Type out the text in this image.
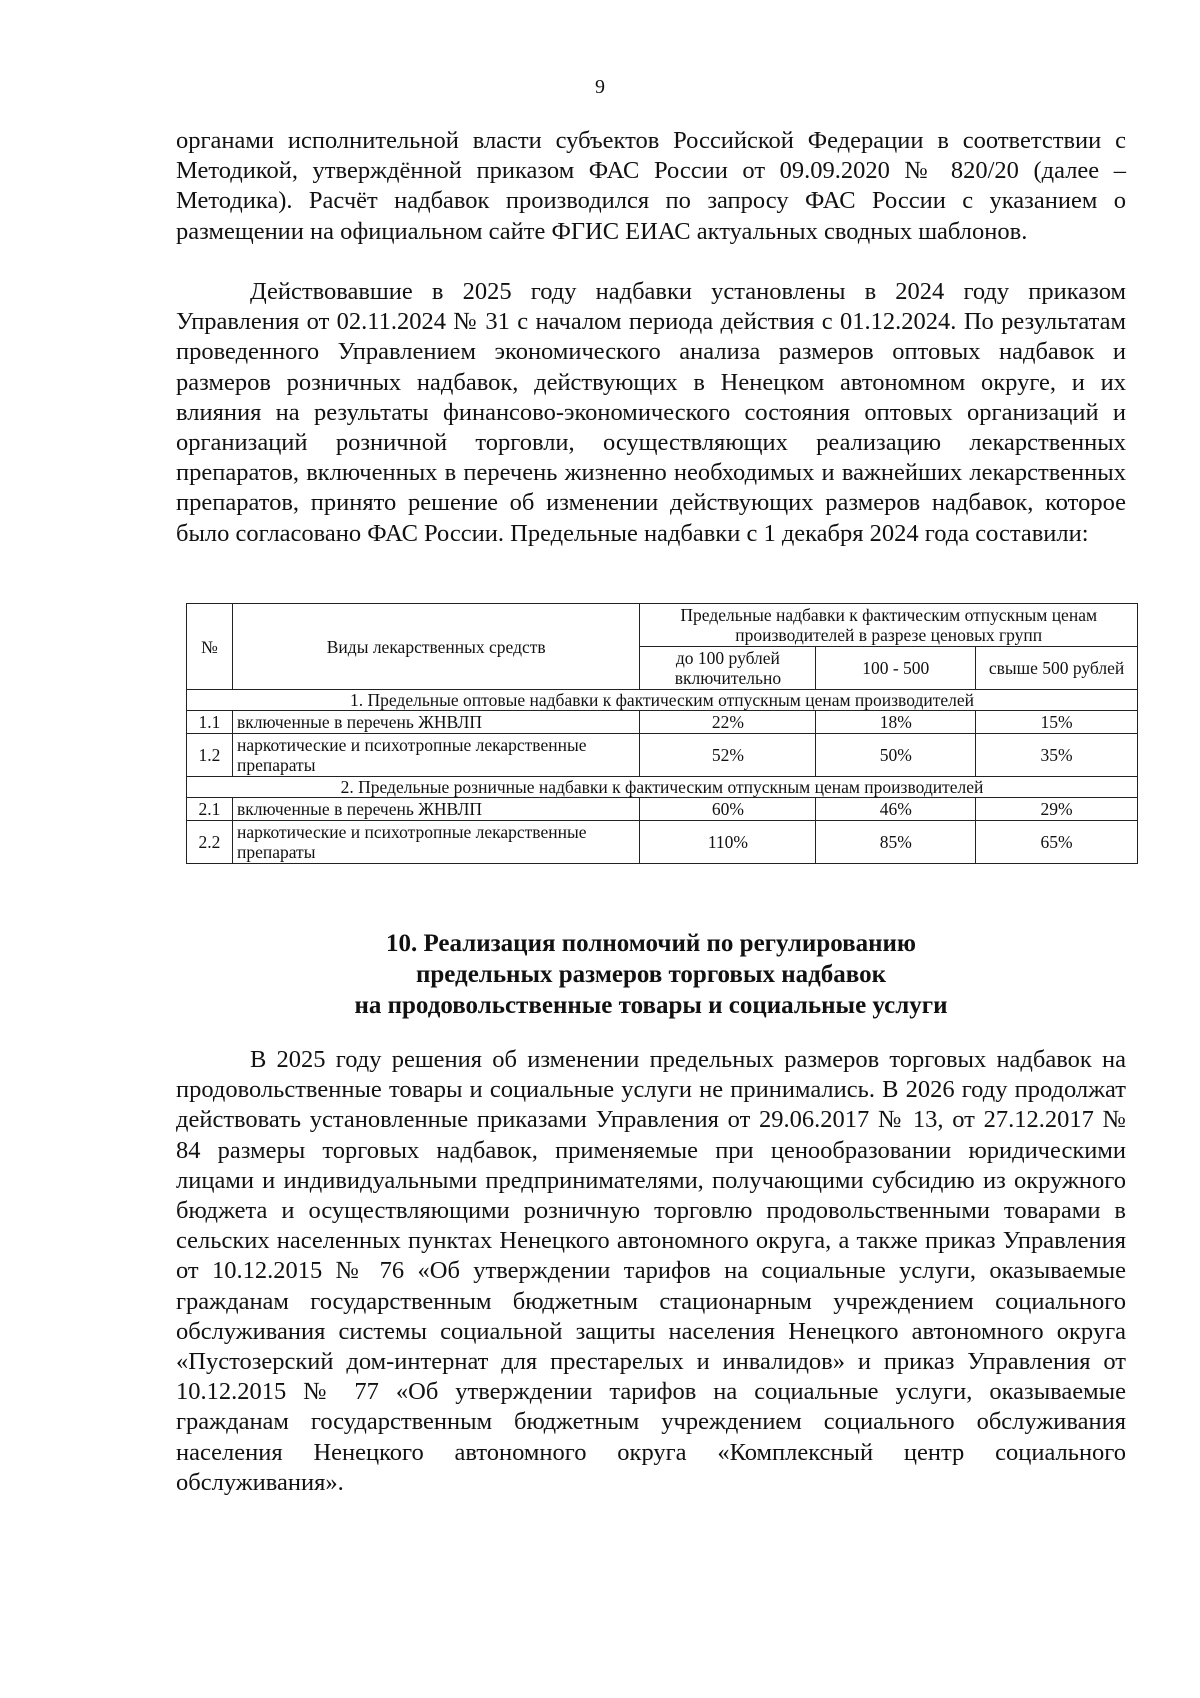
9

органами исполнительной власти субъектов Российской Федерации в соответствии с Методикой, утверждённой приказом ФАС России от 09.09.2020 № 820/20 (далее – Методика). Расчёт надбавок производился по запросу ФАС России с указанием о размещении на официальном сайте ФГИС ЕИАС актуальных сводных шаблонов.

Действовавшие в 2025 году надбавки установлены в 2024 году приказом Управления от 02.11.2024 № 31 с началом периода действия с 01.12.2024. По результатам проведенного Управлением экономического анализа размеров оптовых надбавок и размеров розничных надбавок, действующих в Ненецком автономном округе, и их влияния на результаты финансово-экономического состояния оптовых организаций и организаций розничной торговли, осуществляющих реализацию лекарственных препаратов, включенных в перечень жизненно необходимых и важнейших лекарственных препаратов, принято решение об изменении действующих размеров надбавок, которое было согласовано ФАС России. Предельные надбавки с 1 декабря 2024 года составили:

№	Виды лекарственных средств	Предельные надбавки к фактическим отпускным ценам производителей в разрезе ценовых групп		
		до 100 рублей включительно	100 - 500	свыше 500 рублей
1. Предельные оптовые надбавки к фактическим отпускным ценам производителей				
1.1	включенные в перечень ЖНВЛП	22%	18%	15%
1.2	наркотические и психотропные лекарственные препараты	52%	50%	35%
2. Предельные розничные надбавки к фактическим отпускным ценам производителей				
2.1	включенные в перечень ЖНВЛП	60%	46%	29%
2.2	наркотические и психотропные лекарственные препараты	110%	85%	65%
10. Реализация полномочий по регулированию
предельных размеров торговых надбавок
на продовольственные товары и социальные услуги

В 2025 году решения об изменении предельных размеров торговых надбавок на продовольственные товары и социальные услуги не принимались. В 2026 году продолжат действовать установленные приказами Управления от 29.06.2017 № 13, от 27.12.2017 № 84 размеры торговых надбавок, применяемые при ценообразовании юридическими лицами и индивидуальными предпринимателями, получающими субсидию из окружного бюджета и осуществляющими розничную торговлю продовольственными товарами в сельских населенных пунктах Ненецкого автономного округа, а также приказ Управления от 10.12.2015 № 76 «Об утверждении тарифов на социальные услуги, оказываемые гражданам государственным бюджетным стационарным учреждением социального обслуживания системы социальной защиты населения Ненецкого автономного округа «Пустозерский дом-интернат для престарелых и инвалидов» и приказ Управления от 10.12.2015 № 77 «Об утверждении тарифов на социальные услуги, оказываемые гражданам государственным бюджетным учреждением социального обслуживания населения Ненецкого автономного округа «Комплексный центр социального обслуживания».
